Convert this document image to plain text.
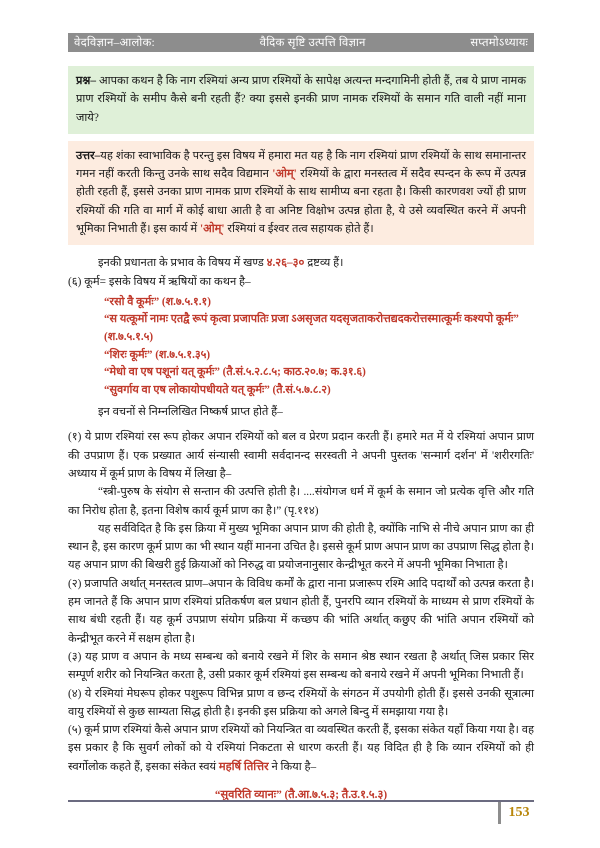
वेदविज्ञान–आलोक:	वैदिक सृष्टि उत्पत्ति विज्ञान	सप्तमोऽध्यायः
प्रश्न– आपका कथन है कि नाग रश्मियां अन्य प्राण रश्मियों के सापेक्ष अत्यन्त मन्दगामिनी होती हैं, तब ये प्राण नामक प्राण रश्मियों के समीप कैसे बनी रहती हैं? क्या इससे इनकी प्राण नामक रश्मियों के समान गति वाली नहीं माना जाये?
उत्तर–यह शंका स्वाभाविक है परन्तु इस विषय में हमारा मत यह है कि नाग रश्मियां प्राण रश्मियों के साथ समानान्तर गमन नहीं करती किन्तु उनके साथ सदैव विद्यमान 'ओम्' रश्मियों के द्वारा मनस्तत्व में सदैव स्पन्दन के रूप में उत्पन्न होती रहती हैं, इससे उनका प्राण नामक प्राण रश्मियों के साथ सामीप्य बना रहता है। किसी कारणवश ज्यों ही प्राण रश्मियों की गति वा मार्ग में कोई बाधा आती है वा अनिष्ट विक्षोभ उत्पन्न होता है, ये उसे व्यवस्थित करने में अपनी भूमिका निभाती हैं। इस कार्य में 'ओम्' रश्मियां व ईश्वर तत्व सहायक होते हैं।

इनकी प्रधानता के प्रभाव के विषय में खण्ड ४.२६–३० द्रष्टव्य हैं।

(६) कूर्म= इसके विषय में ऋषियों का कथन है–

“रसो वै कूर्मः” (श.७.५.१.१)

“स यत्कूर्मो नामः एतद्वै रूपं कृत्वा प्रजापतिः प्रजा ऽअसृजत यदसृजताकरोत्तद्यदकरोत्तस्मात्कूर्मः कश्यपो कूर्मः” (श.७.५.१.५)

“शिरः कूर्मः” (श.७.५.१.३५)

“मेधो वा एष पशूनां यत् कूर्मः” (तै.सं.५.२.८.५; काठ.२०.७; क.३१.६)

“सुवर्गाय वा एष लोकायोपधीयते यत् कूर्मः” (तै.सं.५.७.८.२)

इन वचनों से निम्नलिखित निष्कर्ष प्राप्त होते हैं–

(१) ये प्राण रश्मियां रस रूप होकर अपान रश्मियों को बल व प्रेरण प्रदान करती हैं। हमारे मत में ये रश्मियां अपान प्राण की उपप्राण हैं। एक प्रख्यात आर्य संन्यासी स्वामी सर्वदानन्द सरस्वती ने अपनी पुस्तक 'सन्मार्ग दर्शन' में 'शरीरगतिः' अध्याय में कूर्म प्राण के विषय में लिखा है–

“स्त्री-पुरुष के संयोग से सन्तान की उत्पत्ति होती है। ....संयोगज धर्म में कूर्म के समान जो प्रत्येक वृत्ति और गति का निरोध होता है, इतना विशेष कार्य कूर्म प्राण का है।” (पृ.११४)

यह सर्वविदित है कि इस क्रिया में मुख्य भूमिका अपान प्राण की होती है, क्योंकि नाभि से नीचे अपान प्राण का ही स्थान है, इस कारण कूर्म प्राण का भी स्थान यहीं मानना उचित है। इससे कूर्म प्राण अपान प्राण का उपप्राण सिद्ध होता है। यह अपान प्राण की बिखरी हुई क्रियाओं को निरुद्ध वा प्रयोजनानुसार केन्द्रीभूत करने में अपनी भूमिका निभाता है।

(२) प्रजापति अर्थात् मनस्तत्व प्राण–अपान के विविध कर्मों के द्वारा नाना प्रजारूप रश्मि आदि पदार्थों को उत्पन्न करता है। हम जानते हैं कि अपान प्राण रश्मियां प्रतिकर्षण बल प्रधान होती हैं, पुनरपि व्यान रश्मियों के माध्यम से प्राण रश्मियों के साथ बंधी रहती हैं। यह कूर्म उपप्राण संयोग प्रक्रिया में कच्छप की भांति अर्थात् कछुए की भांति अपान रश्मियों को केन्द्रीभूत करने में सक्षम होता है।

(३) यह प्राण व अपान के मध्य सम्बन्ध को बनाये रखने में शिर के समान श्रेष्ठ स्थान रखता है अर्थात् जिस प्रकार सिर सम्पूर्ण शरीर को नियन्त्रित करता है, उसी प्रकार कूर्म रश्मियां इस सम्बन्ध को बनाये रखने में अपनी भूमिका निभाती हैं।

(४) ये रश्मियां मेघरूप होकर पशुरूप विभिन्न प्राण व छन्द रश्मियों के संगठन में उपयोगी होती हैं। इससे उनकी सूत्रात्मा वायु रश्मियों से कुछ साम्यता सिद्ध होती है। इनकी इस प्रक्रिया को अगले बिन्दु में समझाया गया है।

(५) कूर्म प्राण रश्मियां कैसे अपान प्राण रश्मियों को नियन्त्रित वा व्यवस्थित करती हैं, इसका संकेत यहाँ किया गया है। वह इस प्रकार है कि सुवर्ग लोकों को ये रश्मियां निकटता से धारण करती हैं। यह विदित ही है कि व्यान रश्मियों को ही स्वर्गोलोक कहते हैं, इसका संकेत स्वयं महर्षि तित्तिर ने किया है–

“सुवरिति व्यानः” (तै.आ.७.५.३; तै.उ.१.५.३)

153
